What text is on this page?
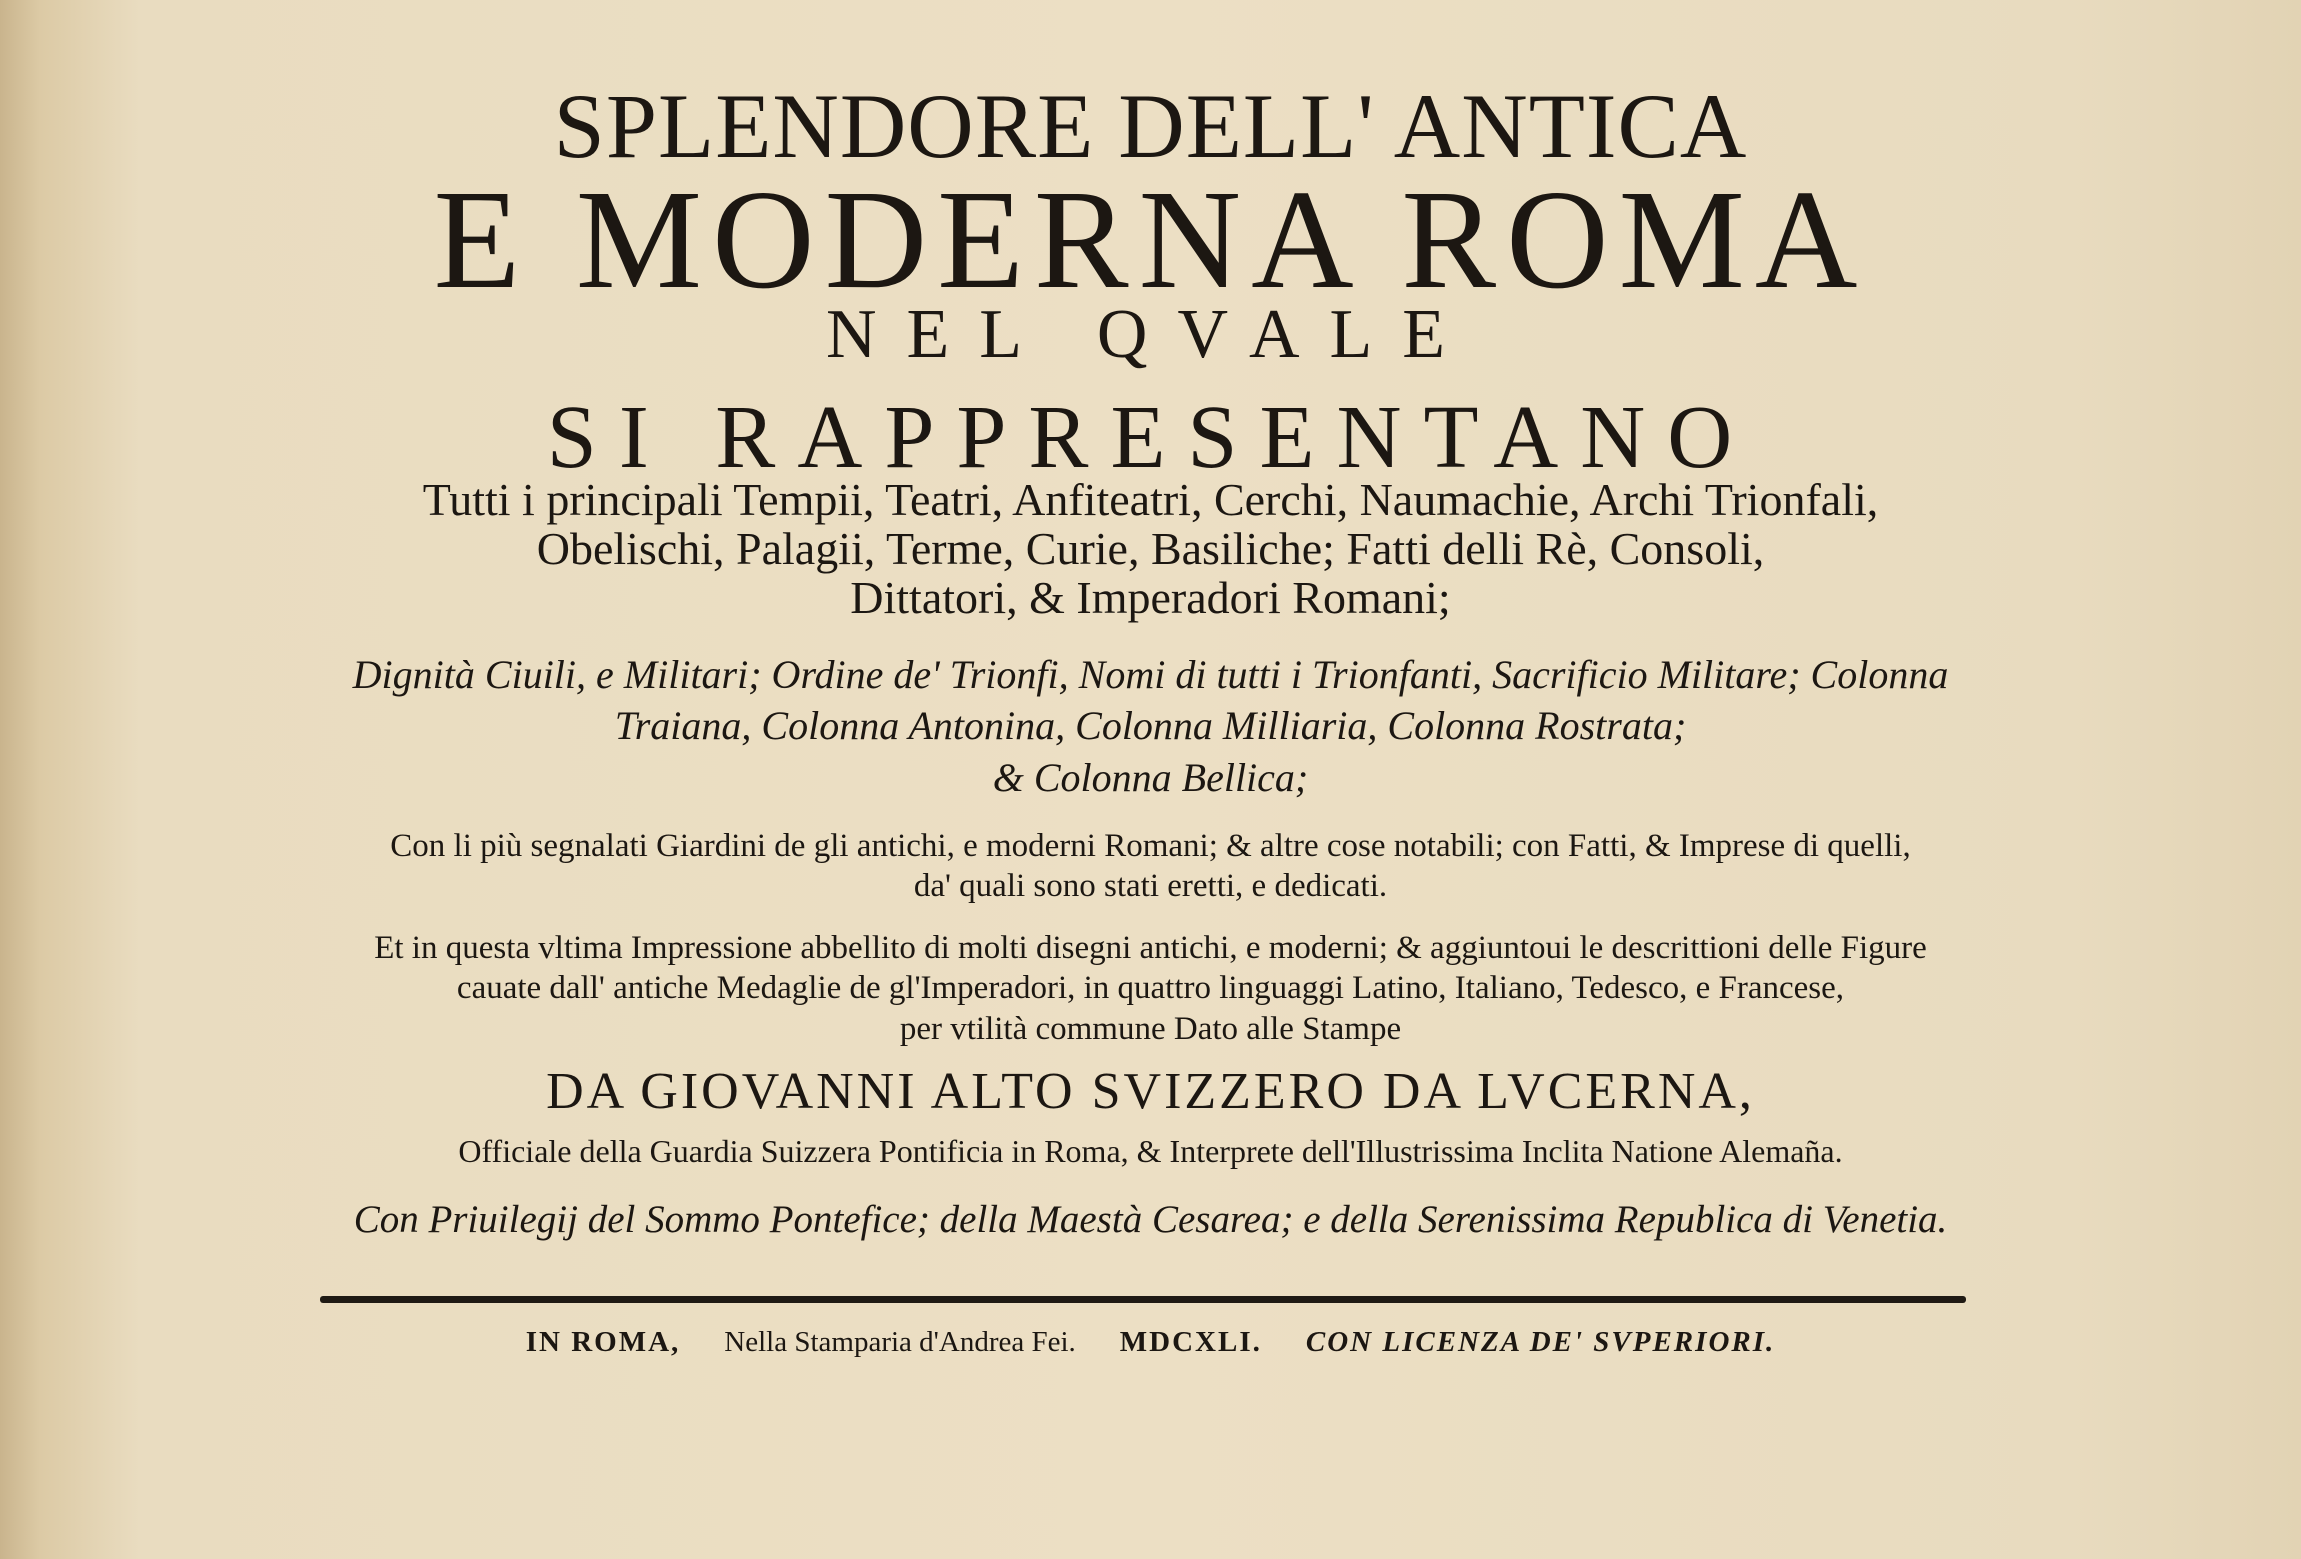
SPLENDORE DELL' ANTICA
E MODERNA ROMA
NEL QVALE
SI RAPPRESENTANO
Tutti i principali Tempii, Teatri, Anfiteatri, Cerchi, Naumachie, Archi Trionfali,
Obelischi, Palagii, Terme, Curie, Basiliche; Fatti delli Rè, Consoli,
Dittatori, & Imperadori Romani;
Dignità Ciuili, e Militari; Ordine de' Trionfi, Nomi di tutti i Trionfanti, Sacrificio Militare; Colonna
Traiana, Colonna Antonina, Colonna Milliaria, Colonna Rostrata;
& Colonna Bellica;
Con li più segnalati Giardini de gli antichi, e moderni Romani; & altre cose notabili; con Fatti, & Imprese di quelli,
da' quali sono stati eretti, e dedicati.
Et in questa vltima Impressione abbellito di molti disegni antichi, e moderni; & aggiuntoui le descrittioni delle Figure
cauate dall' antiche Medaglie de gl'Imperadori, in quattro linguaggi Latino, Italiano, Tedesco, e Francese,
per vtilità commune Dato alle Stampe
DA GIOVANNI ALTO SVIZZERO DA LVCERNA,
Officiale della Guardia Suizzera Pontificia in Roma, & Interprete dell'Illustrissima Inclita Natione Alemaña.
Con Priuilegij del Sommo Pontefice; della Maestà Cesarea; e della Serenissima Republica di Venetia.
IN ROMA, Nella Stamparia d'Andrea Fei. MDCXLI. CON LICENZA DE' SVPERIORI.
